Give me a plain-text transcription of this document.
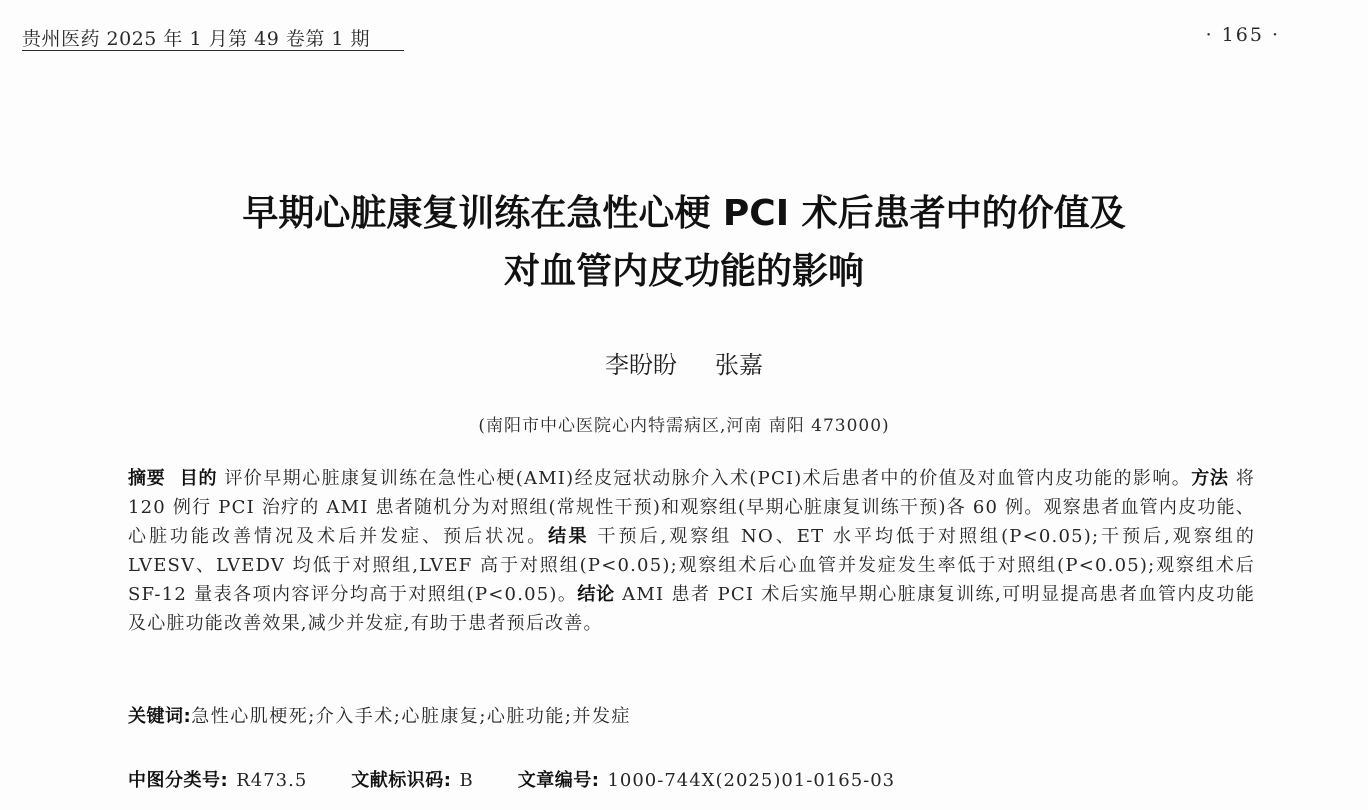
贵州医药 2025 年 1 月第 49 卷第 1 期	· 165 ·
早期心脏康复训练在急性心梗 PCI 术后患者中的价值及
对血管内皮功能的影响
李盼盼 张嘉
(南阳市中心医院心内特需病区,河南 南阳 473000)
摘要 目的 评价早期心脏康复训练在急性心梗(AMI)经皮冠状动脉介入术(PCI)术后患者中的价值及对血管内皮功能的影响。方法 将 120 例行 PCI 治疗的 AMI 患者随机分为对照组(常规性干预)和观察组(早期心脏康复训练干预)各 60 例。观察患者血管内皮功能、心脏功能改善情况及术后并发症、预后状况。结果 干预后,观察组 NO、ET 水平均低于对照组(P<0.05);干预后,观察组的 LVESV、LVEDV 均低于对照组,LVEF 高于对照组(P<0.05);观察组术后心血管并发症发生率低于对照组(P<0.05);观察组术后 SF-12 量表各项内容评分均高于对照组(P<0.05)。结论 AMI 患者 PCI 术后实施早期心脏康复训练,可明显提高患者血管内皮功能及心脏功能改善效果,减少并发症,有助于患者预后改善。
关键词:急性心肌梗死;介入手术;心脏康复;心脏功能;并发症
中图分类号: R473.5 文献标识码: B 文章编号: 1000-744X(2025)01-0165-03
